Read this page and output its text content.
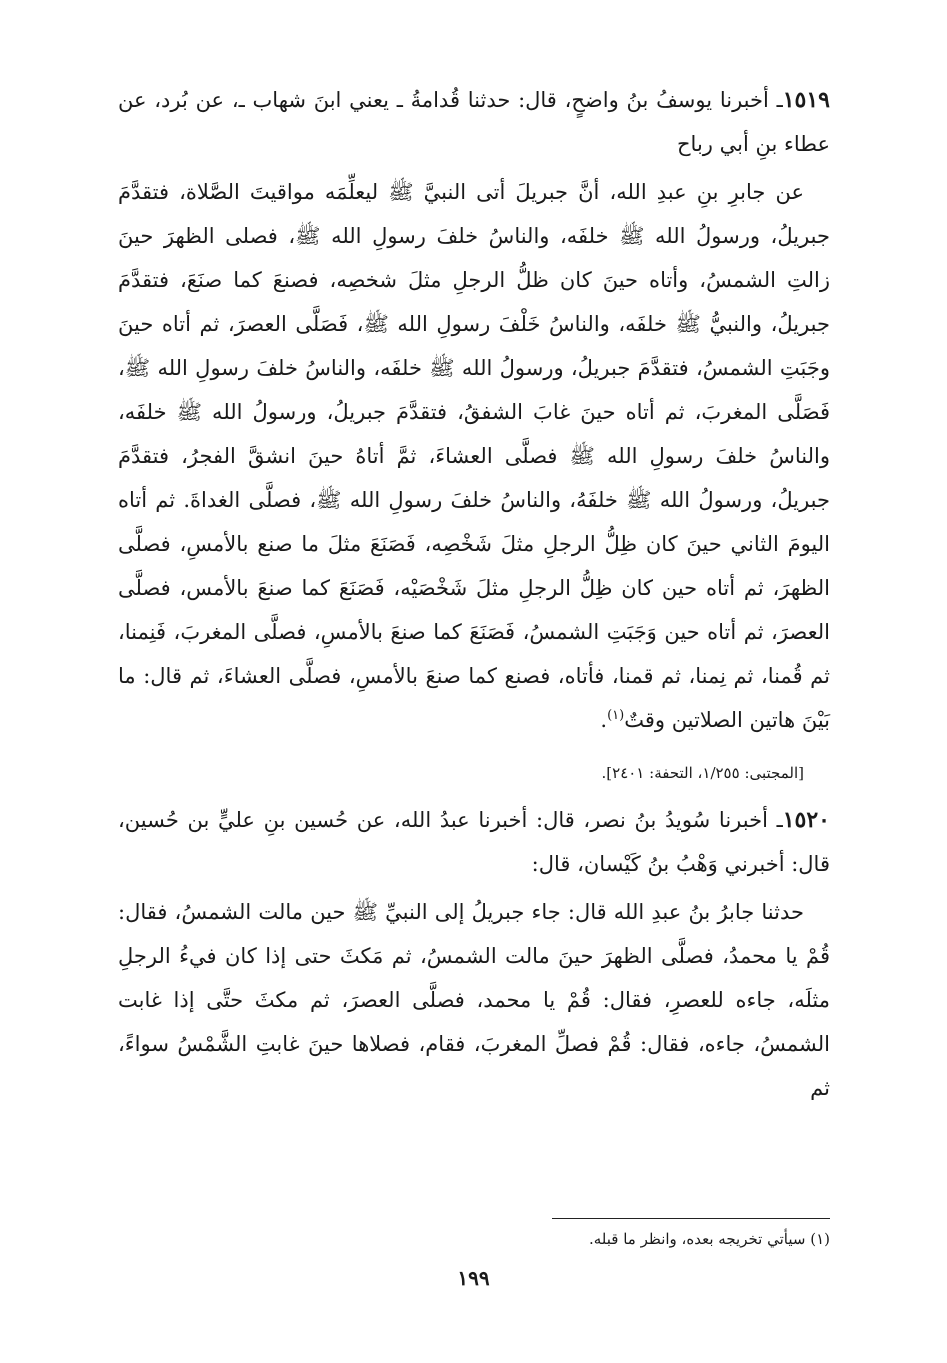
١٥١٩ـ أخبرنا يوسفُ بنُ واضحٍ، قال: حدثنا قُدامةُ ـ يعني ابنَ شهاب ـ، عن بُرد، عن عطاء بنِ أبي رباح

عن جابرِ بنِ عبدِ الله، أنَّ جبريلَ أتى النبيَّ ﷺ ليعلِّمَه مواقيتَ الصَّلاة، فتقدَّمَ جبريلُ، ورسولُ الله ﷺ خلفَه، والناسُ خلفَ رسولِ الله ﷺ، فصلى الظهرَ حينَ زالتِ الشمسُ، وأتاه حينَ كان ظلُّ الرجلِ مثلَ شخصِه، فصنعَ كما صنَعَ، فتقدَّمَ جبريلُ، والنبيُّ ﷺ خلفَه، والناسُ خَلْفَ رسولِ الله ﷺ، فَصَلَّى العصرَ، ثم أتاه حينَ وجَبَتِ الشمسُ، فتقدَّمَ جبريلُ، ورسولُ الله ﷺ خلفَه، والناسُ خلفَ رسولِ الله ﷺ، فَصَلَّى المغربَ، ثم أتاه حينَ غابَ الشفقُ، فتقدَّمَ جبريلُ، ورسولُ الله ﷺ خلفَه، والناسُ خلفَ رسولِ الله ﷺ فصلَّى العشاءَ، ثمَّ أتاهُ حينَ انشقَّ الفجرُ، فتقدَّمَ جبريلُ، ورسولُ الله ﷺ خلفَهُ، والناسُ خلفَ رسولِ الله ﷺ، فصلَّى الغداةَ. ثم أتاه اليومَ الثاني حينَ كان ظِلُّ الرجلِ مثلَ شَخْصِه، فَصَنَعَ مثلَ ما صنع بالأمسِ، فصلَّى الظهرَ، ثم أتاه حين كان ظِلُّ الرجلِ مثلَ شَخْصَيْه، فَصَنَعَ كما صنعَ بالأمس، فصلَّى العصرَ، ثم أتاه حين وَجَبَتِ الشمسُ، فَصَنَعَ كما صنعَ بالأمسِ، فصلَّى المغربَ، فَنِمنا، ثم قُمنا، ثم نِمنا، ثم قمنا، فأتاه، فصنع كما صنعَ بالأمسِ، فصلَّى العشاءَ، ثم قال: ما بَيْنَ هاتين الصلاتين وقتٌ$^{(١)}$.

[المجتبى: ١/٢٥٥، التحفة: ٢٤٠١].

١٥٢٠ـ أخبرنا سُويدُ بنُ نصر، قال: أخبرنا عبدُ الله، عن حُسين بنِ عليٍّ بن حُسين، قال: أخبرني وَهْبُ بنُ كَيْسان، قال:

حدثنا جابرُ بنُ عبدِ الله قال: جاء جبريلُ إلى النبيِّ ﷺ حين مالت الشمسُ، فقال: قُمْ يا محمدُ، فصلَّى الظهرَ حينَ مالت الشمسُ، ثم مَكثَ حتى إذا كان فيءُ الرجلِ مثلَه، جاءه للعصرِ، فقال: قُمْ يا محمد، فصلَّى العصرَ، ثم مكثَ حتَّى إذا غابت الشمسُ، جاءه، فقال: قُمْ فصلِّ المغربَ، فقام، فصلاها حينَ غابتِ الشَّمْسُ سواءً، ثم

(١) سيأتي تخريجه بعده، وانظر ما قبله.
١٩٩
